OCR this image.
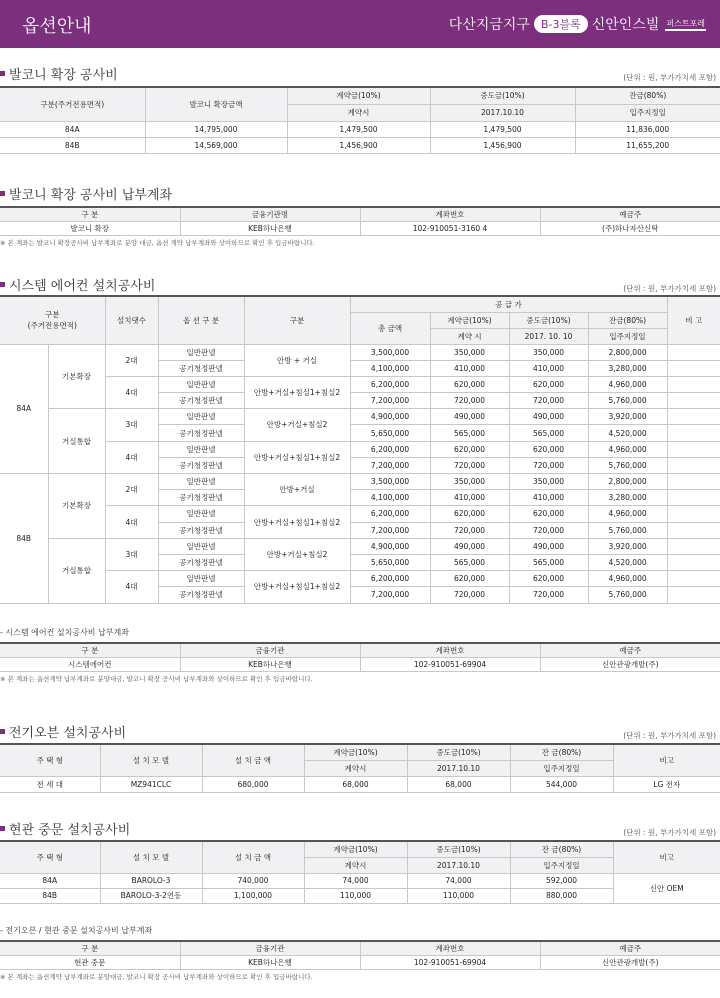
옵션안내	다산지금지구	B-3블록 신안인스빌 퍼스트포레
발코니 확장 공사비	(단위 : 원, 부가가치세 포함)
구분(주거전용면적)	발코니 확장금액	계약금(10%)	중도금(10%)	잔금(80%)
		계약시	2017.10.10	입주지정일
84A	14,795,000	1,479,500	1,479,500	11,836,000
84B	14,569,000	1,456,900	1,456,900	11,655,200
발코니 확장 공사비 납부계좌
구 분	금융기관명	계좌번호	예금주
발코니 확장	KEB하나은행	102-910051-3160 4	(주)하나자산신탁
※ 본 계좌는 발코니 확장공사비 납부계좌로 분양 대금, 옵션 계약 납부계좌와 상이하므로 확인 후 입금바랍니다.
시스템 에어컨 설치공사비	(단위 : 원, 부가가치세 포함)
구분
(주거전용면적)		설치댓수	옵 션 구 분	구분	공 급 가				비 고
					총 금액	계약금(10%)	중도금(10%)	잔금(80%)	
						계약 시	2017. 10. 10	입주지정일	
84A	기본확장	2대	일반판넬	안방 + 거실	3,500,000	350,000	350,000	2,800,000	
			공기청정판넬		4,100,000	410,000	410,000	3,280,000	
		4대	일반판넬	안방+거실+침실1+침실2	6,200,000	620,000	620,000	4,960,000	
			공기청정판넬		7,200,000	720,000	720,000	5,760,000	
	거실통합	3대	일반판넬	안방+거실+침실2	4,900,000	490,000	490,000	3,920,000	
			공기청정판넬		5,650,000	565,000	565,000	4,520,000	
		4대	일반판넬	안방+거실+침실1+침실2	6,200,000	620,000	620,000	4,960,000	
			공기청정판넬		7,200,000	720,000	720,000	5,760,000	
84B	기본확장	2대	일반판넬	안방+거실	3,500,000	350,000	350,000	2,800,000	
			공기청정판넬		4,100,000	410,000	410,000	3,280,000	
		4대	일반판넬	안방+거실+침실1+침실2	6,200,000	620,000	620,000	4,960,000	
			공기청정판넬		7,200,000	720,000	720,000	5,760,000	
	거실통합	3대	일반판넬	안방+거실+침실2	4,900,000	490,000	490,000	3,920,000	
			공기청정판넬		5,650,000	565,000	565,000	4,520,000	
		4대	일반판넬	안방+거실+침실1+침실2	6,200,000	620,000	620,000	4,960,000	
			공기청정판넬		7,200,000	720,000	720,000	5,760,000	
- 시스템 에어컨 설치공사비 납부계좌
구 분	금융기관	계좌번호	예금주
시스템에어컨	KEB하나은행	102-910051-69904	신안관광개발(주)
※ 본 계좌는 옵션계약 납부계좌로 분양대금, 발코니 확장 공사비 납부계좌와 상이하므로 확인 후 입금바랍니다.
전기오븐 설치공사비	(단위 : 원, 부가가치세 포함)
주 택 형	설 치 모 델	설 치 금 액	계약금(10%)	중도금(10%)	잔 금(80%)	비고
			계약시	2017.10.10	입주지정일	
전 세 대	MZ941CLC	680,000	68,000	68,000	544,000	LG 전자
현관 중문 설치공사비	(단위 : 원, 부가가치세 포함)
주 택 형	설 치 모 델	설 치 금 액	계약금(10%)	중도금(10%)	잔 금(80%)	비고
			계약시	2017.10.10	입주지정일	
84A	BAROLO-3	740,000	74,000	74,000	592,000	신안 OEM
84B	BAROLO-3-2연동	1,100,000	110,000	110,000	880,000	
- 전기오븐 / 현관 중문 설치공사비 납부계좌
구 분	금융기관	계좌번호	예금주
현관 중문	KEB하나은행	102-910051-69904	신안관광개발(주)
※ 본 계좌는 옵션계약 납부계좌로 분양대금, 발코니 확장 공사비 납부계좌와 상이하므로 확인 후 입금바랍니다.
